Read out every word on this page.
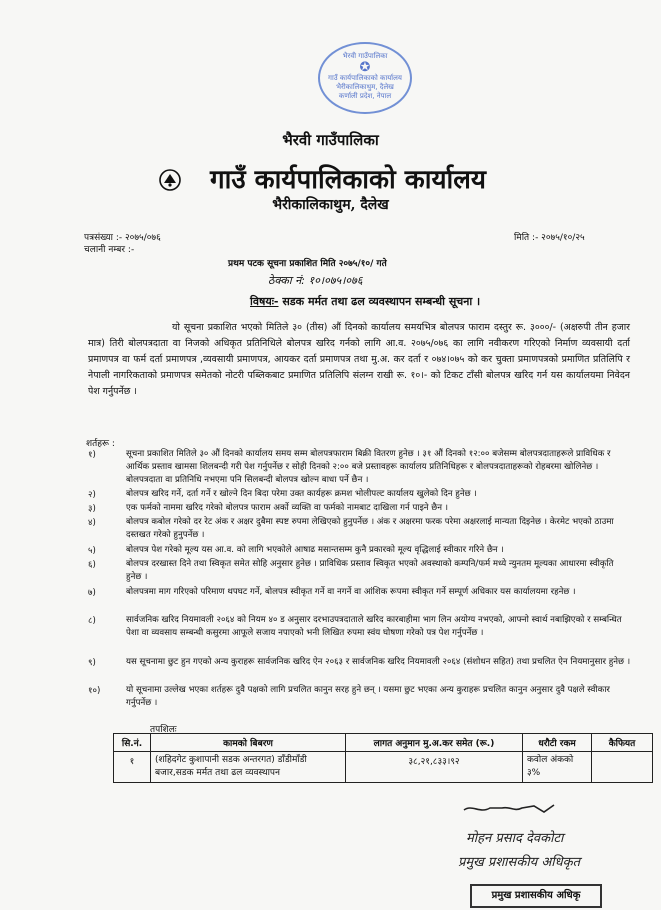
भैरवी गाउँपालिका
✪
गाउँ कार्यपालिकाको कार्यालय
भैरीकालिकाथुम, दैलेख
कर्णाली प्रदेश, नेपाल
भैरवी गाउँपालिका
गाउँ कार्यपालिकाको कार्यालय
भैरीकालिकाथुम, दैलेख
पत्रसंख्या :- २०७५/०७६
चलानी नम्बर :-
मिति :- २०७५/१०/२५
प्रथम पटक सूचना प्रकाशित मिति २०७५/१०/ गते
ठेक्का नं: १०।०७५।०७६
विषयः- सडक मर्मत तथा ढल व्यवस्थापन सम्बन्धी सूचना ।
यो सूचना प्रकाशित भएको मितिले ३० (तीस) औं दिनको कार्यालय समयभित्र बोलपत्र फाराम दस्तुर रू. ३०००/- (अक्षरुपी तीन हजार मात्र) तिरी बोलपत्रदाता वा निजको अधिकृत प्रतिनिधिले बोलपत्र खरिद गर्नको लागि आ.व. २०७५/०७६ का लागि नवीकरण गरिएको निर्माण व्यवसायी दर्ता प्रमाणपत्र वा फर्म दर्ता प्रमाणपत्र ,व्यवसायी प्रमाणपत्र, आयकर दर्ता प्रमाणपत्र तथा मु.अ. कर दर्ता र ०७४।०७५ को कर चुक्ता प्रमाणपत्रको प्रमाणित प्रतिलिपि र नेपाली नागरिकताको प्रमाणपत्र समेतको नोटरी पब्लिकबाट प्रमाणित प्रतिलिपि संलग्न राखी रू. १०।- को टिकट टाँसी बोलपत्र खरिद गर्न यस कार्यालयमा निवेदन पेश गर्नुपर्नेछ ।
शर्तहरू :
१)	सूचना प्रकाशित मितिले ३० औं दिनको कार्यालय समय सम्म बोलपत्रफाराम बिक्री वितरण हुनेछ । ३१ औं दिनको १२:०० बजेसम्म बोलपत्रदाताहरूले प्राविधिक र आर्थिक प्रस्ताव खामसा शिलबन्दी गरी पेश गर्नुपर्नेछ र सोही दिनको २:०० बजे प्रस्तावहरू कार्यालय प्रतिनिधिहरू र बोलपत्रदाताहरूको रोहबरमा खोलिनेछ । बोलपत्रदाता वा प्रतिनिधि नभएमा पनि सिलबन्दी बोलपत्र खोल्न बाधा पर्ने छैन ।
२)	बोलपत्र खरिद गर्ने, दर्ता गर्ने र खोल्ने दिन बिदा परेमा उक्त कार्यहरू क्रमश भोलीपल्ट कार्यालय खुलेको दिन हुनेछ ।
३)	एक फर्मको नाममा खरिद गरेको बोलपत्र फाराम अर्को व्यक्ति वा फर्मको नामबाट दाखिला गर्न पाइने छैन ।
४)	बोलपत्र कबोल गरेको दर रेट अंक र अक्षर दुबैमा स्पष्ट रुपमा लेखिएको हुनुपर्नेछ । अंक र अक्षरमा फरक परेमा अक्षरलाई मान्यता दिइनेछ । केरमेट भएको ठाउमा दस्तखत गरेको हुनुपर्नेछ ।
५)	बोलपत्र पेश गरेको मूल्य यस आ.व. को लागि भएकोले आषाढ मसान्तसम्म कुनै प्रकारको मूल्य वृद्धिलाई स्वीकार गरिने छैन ।
६)	बोलपत्र दरखास्त दिने तथा स्विकृत समेत सोहि अनुसार हुनेछ । प्राविधिक प्रस्ताव स्विकृत भएको अवस्थाको कम्पनि/फर्म मध्ये न्युनतम मूल्यका आधारमा स्वीकृति हुनेछ ।
७)	बोलपत्रमा माग गरिएको परिमाण थपघट गर्ने, बोलपत्र स्वीकृत गर्ने वा नगर्ने वा आंशिक रूपमा स्वीकृत गर्ने सम्पूर्ण अधिकार यस कार्यालयमा रहनेछ ।
८)	सार्वजनिक खरिद नियमावली २०६४ को नियम ४० ड अनुसार दरभाउपत्रदाताले खरिद कारबाहीमा भाग लिन अयोग्य नभएको, आफ्नो स्वार्थ नबाझिएको र सम्बन्धित पेशा वा व्यवसाय सम्बन्धी कसुरमा आफूले सजाय नपाएको भनी लिखित रुपमा स्वंय घोषणा गरेको पत्र पेश गर्नुपर्नेछ ।
९)	यस सूचनामा छुट हुन गएको अन्य कुराहरू सार्वजनिक खरिद ऐन २०६३ र सार्वजनिक खरिद नियमावली २०६४ (संशोधन सहित) तथा प्रचलित ऐन नियमानुसार हुनेछ ।
१०)	यो सूचनामा उल्लेख भएका शर्तहरू दुवै पक्षको लागि प्रचलित कानुन सरह हुने छन् । यसमा छुट भएका अन्य कुराहरू प्रचलित कानुन अनुसार दुवै पक्षले स्वीकार गर्नुपर्नेछ ।
तपशिलः
सि.नं.	कामको बिबरण	लागत अनुमान मु.अ.कर समेत (रू.)	धरौटी रकम	कैफियत
१	(शहिदगेट कुशापानी सडक अन्तरगत) डाँडीमाँडी बजार,सडक मर्मत तथा ढल व्यवस्थापन	३८,२१,८३३।९२	कवोल अंकको ३%	
मोहन प्रसाद देवकोटा
प्रमुख प्रशासकीय अधिकृत
प्रमुख प्रशासकीय अधिकृ
